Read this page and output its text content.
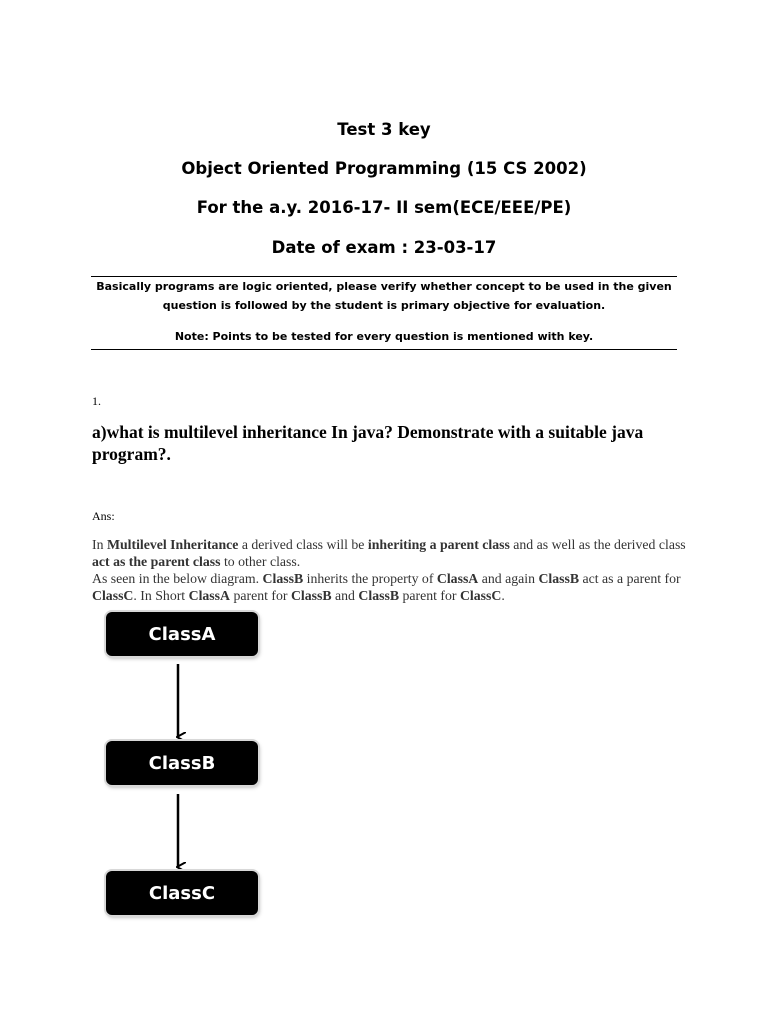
Test 3 key
Object Oriented Programming (15 CS 2002)
For the a.y. 2016-17- II sem(ECE/EEE/PE)
Date of exam : 23-03-17
Basically programs are logic oriented, please verify whether concept to be used in the given
question is followed by the student is primary objective for evaluation.
Note: Points to be tested for every question is mentioned with key.
1.
a)what is multilevel inheritance In java? Demonstrate with a suitable java program?.
Ans:
In Multilevel Inheritance a derived class will be inheriting a parent class and as well as the derived class act as the parent class to other class.
As seen in the below diagram. ClassB inherits the property of ClassA and again ClassB act as a parent for ClassC. In Short ClassA parent for ClassB and ClassB parent for ClassC.
ClassA
ClassB
ClassC
